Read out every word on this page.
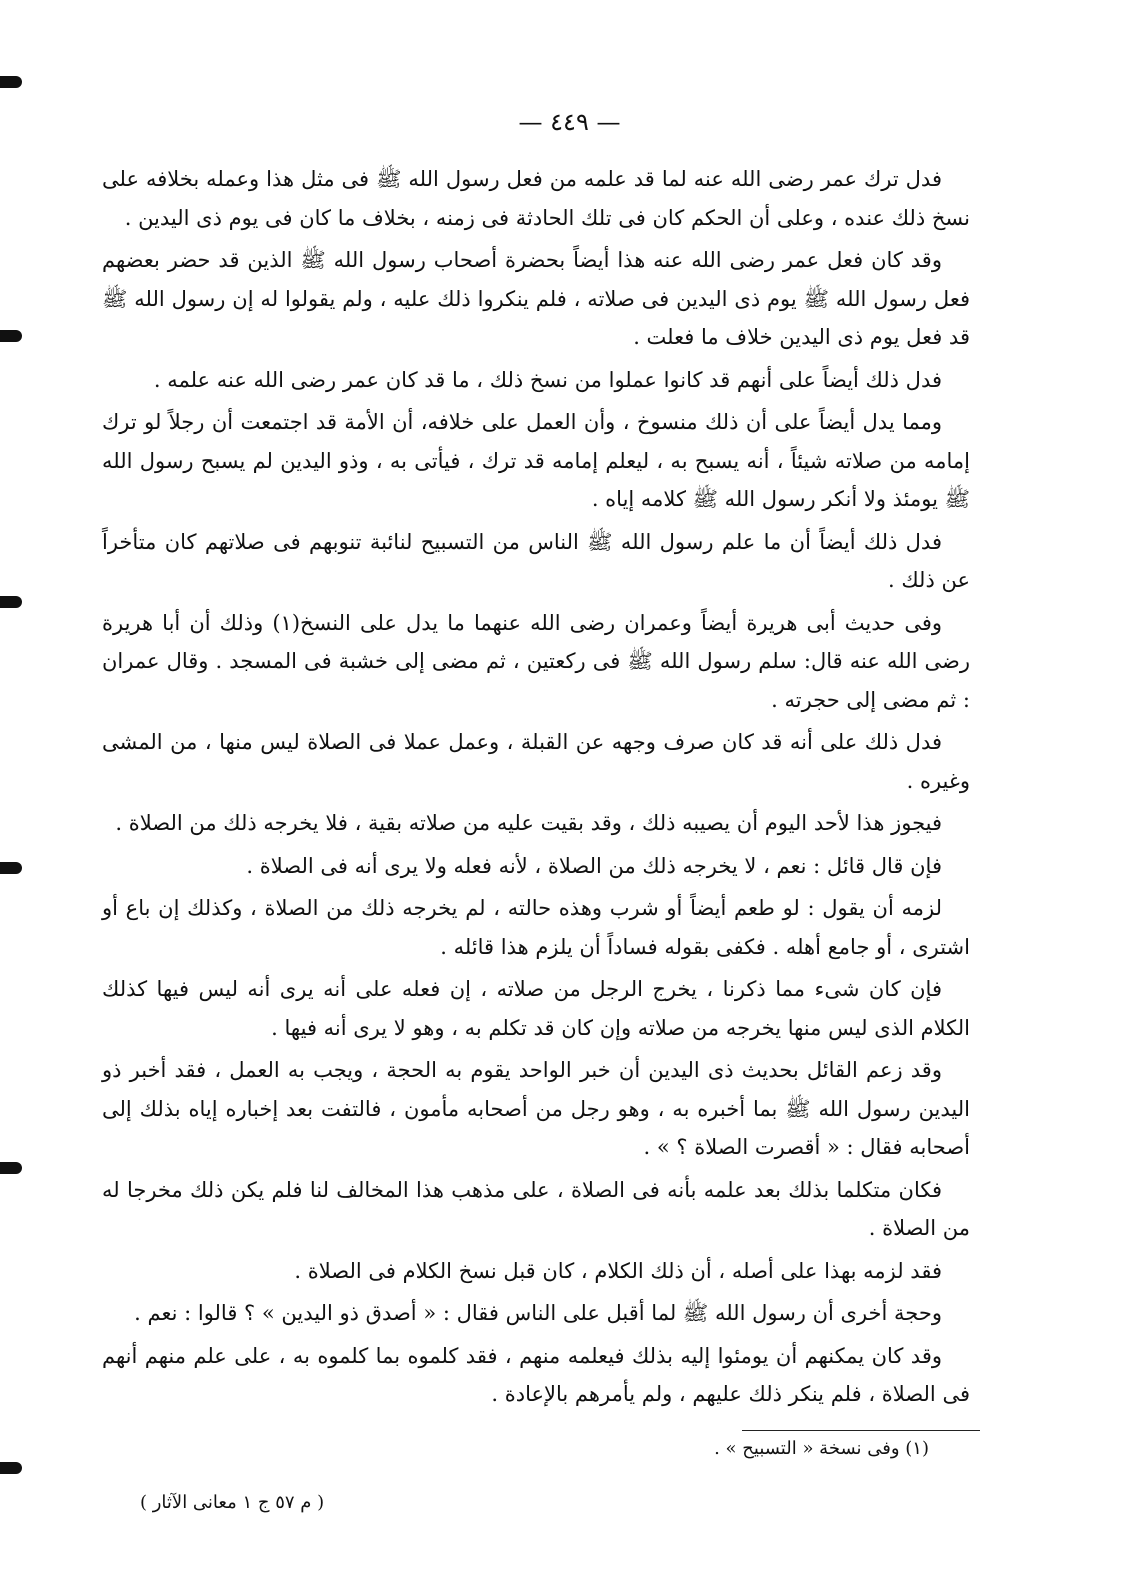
— ٤٤٩ —

فدل ترك عمر رضى الله عنه لما قد علمه من فعل رسول الله ﷺ فى مثل هذا وعمله بخلافه على نسخ ذلك عنده ، وعلى أن الحكم كان فى تلك الحادثة فى زمنه ، بخلاف ما كان فى يوم ذى اليدين .

وقد كان فعل عمر رضى الله عنه هذا أيضاً بحضرة أصحاب رسول الله ﷺ الذين قد حضر بعضهم فعل رسول الله ﷺ يوم ذى اليدين فى صلاته ، فلم ينكروا ذلك عليه ، ولم يقولوا له إن رسول الله ﷺ قد فعل يوم ذى اليدين خلاف ما فعلت .

فدل ذلك أيضاً على أنهم قد كانوا عملوا من نسخ ذلك ، ما قد كان عمر رضى الله عنه علمه .

ومما يدل أيضاً على أن ذلك منسوخ ، وأن العمل على خلافه، أن الأمة قد اجتمعت أن رجلاً لو ترك إمامه من صلاته شيئاً ، أنه يسبح به ، ليعلم إمامه قد ترك ، فيأتى به ، وذو اليدين لم يسبح رسول الله ﷺ يومئذ ولا أنكر رسول الله ﷺ كلامه إياه .

فدل ذلك أيضاً أن ما علم رسول الله ﷺ الناس من التسبيح لنائبة تنوبهم فى صلاتهم كان متأخراً عن ذلك .

وفى حديث أبى هريرة أيضاً وعمران رضى الله عنهما ما يدل على النسخ(١) وذلك أن أبا هريرة رضى الله عنه قال: سلم رسول الله ﷺ فى ركعتين ، ثم مضى إلى خشبة فى المسجد . وقال عمران : ثم مضى إلى حجرته .

فدل ذلك على أنه قد كان صرف وجهه عن القبلة ، وعمل عملا فى الصلاة ليس منها ، من المشى وغيره .

فيجوز هذا لأحد اليوم أن يصيبه ذلك ، وقد بقيت عليه من صلاته بقية ، فلا يخرجه ذلك من الصلاة .

فإن قال قائل : نعم ، لا يخرجه ذلك من الصلاة ، لأنه فعله ولا يرى أنه فى الصلاة .

لزمه أن يقول : لو طعم أيضاً أو شرب وهذه حالته ، لم يخرجه ذلك من الصلاة ، وكذلك إن باع أو اشترى ، أو جامع أهله . فكفى بقوله فساداً أن يلزم هذا قائله .

فإن كان شىء مما ذكرنا ، يخرج الرجل من صلاته ، إن فعله على أنه يرى أنه ليس فيها كذلك الكلام الذى ليس منها يخرجه من صلاته وإن كان قد تكلم به ، وهو لا يرى أنه فيها .

وقد زعم القائل بحديث ذى اليدين أن خبر الواحد يقوم به الحجة ، ويجب به العمل ، فقد أخبر ذو اليدين رسول الله ﷺ بما أخبره به ، وهو رجل من أصحابه مأمون ، فالتفت بعد إخباره إياه بذلك إلى أصحابه فقال : « أقصرت الصلاة ؟ » .

فكان متكلما بذلك بعد علمه بأنه فى الصلاة ، على مذهب هذا المخالف لنا فلم يكن ذلك مخرجا له من الصلاة .

فقد لزمه بهذا على أصله ، أن ذلك الكلام ، كان قبل نسخ الكلام فى الصلاة .

وحجة أخرى أن رسول الله ﷺ لما أقبل على الناس فقال : « أصدق ذو اليدين » ؟ قالوا : نعم .

وقد كان يمكنهم أن يومئوا إليه بذلك فيعلمه منهم ، فقد كلموه بما كلموه به ، على علم منهم أنهم فى الصلاة ، فلم ينكر ذلك عليهم ، ولم يأمرهم بالإعادة .

(١) وفى نسخة « التسبيح » .
( م ٥٧ ج ١ معانى الآثار )
